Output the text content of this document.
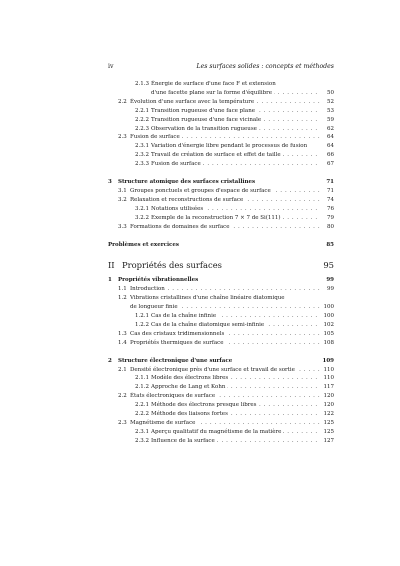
iv	Les surfaces solides : concepts et méthodes
2.1.3 Énergie de surface d'une face F et extension
d'une facette plane sur la forme d'équilibre . . .	50
2.2 Évolution d'une surface avec la température . . .	52
2.2.1 Transition rugueuse d'une face plane . . .	53
2.2.2 Transition rugueuse d'une face vicinale . . .	59
2.2.3 Observation de la transition rugueuse . . .	62
2.3 Fusion de surface . . .	64
2.3.1 Variation d'énergie libre pendant le processus de fusion	64
2.3.2 Travail de création de surface et effet de taille . . .	66
2.3.3 Fusion de surface . . .	67
3	Structure atomique des surfaces cristallines	71
3.1 Groupes ponctuels et groupes d'espace de surface . . .	71
3.2 Relaxation et reconstructions de surface . . .	74
3.2.1 Notations utilisées . . .	76
3.2.2 Exemple de la reconstruction 7 × 7 de Si(111) . . .	79
3.3 Formations de domaines de surface . . .	80
Problèmes et exercices	85
II Propriétés des surfaces	95
1	Propriétés vibrationnelles	99
1.1 Introduction . . .	99
1.2 Vibrations cristallines d'une chaîne linéaire diatomique
de longueur finie . . .	100
1.2.1 Cas de la chaîne infinie . . .	100
1.2.2 Cas de la chaîne diatomique semi-infinie . . .	102
1.3 Cas des cristaux tridimensionnels . . .	105
1.4 Propriétés thermiques de surface . . .	108
2	Structure électronique d'une surface	109
2.1 Densité électronique près d'une surface et travail de sortie . . .	110
2.1.1 Modèle des électrons libres . . .	110
2.1.2 Approche de Lang et Kohn . . .	117
2.2 États électroniques de surface . . .	120
2.2.1 Méthode des électrons presque libres . . .	120
2.2.2 Méthode des liaisons fortes . . .	122
2.3 Magnétisme de surface . . .	125
2.3.1 Aperçu qualitatif du magnétisme de la matière . . .	125
2.3.2 Influence de la surface . . .	127
